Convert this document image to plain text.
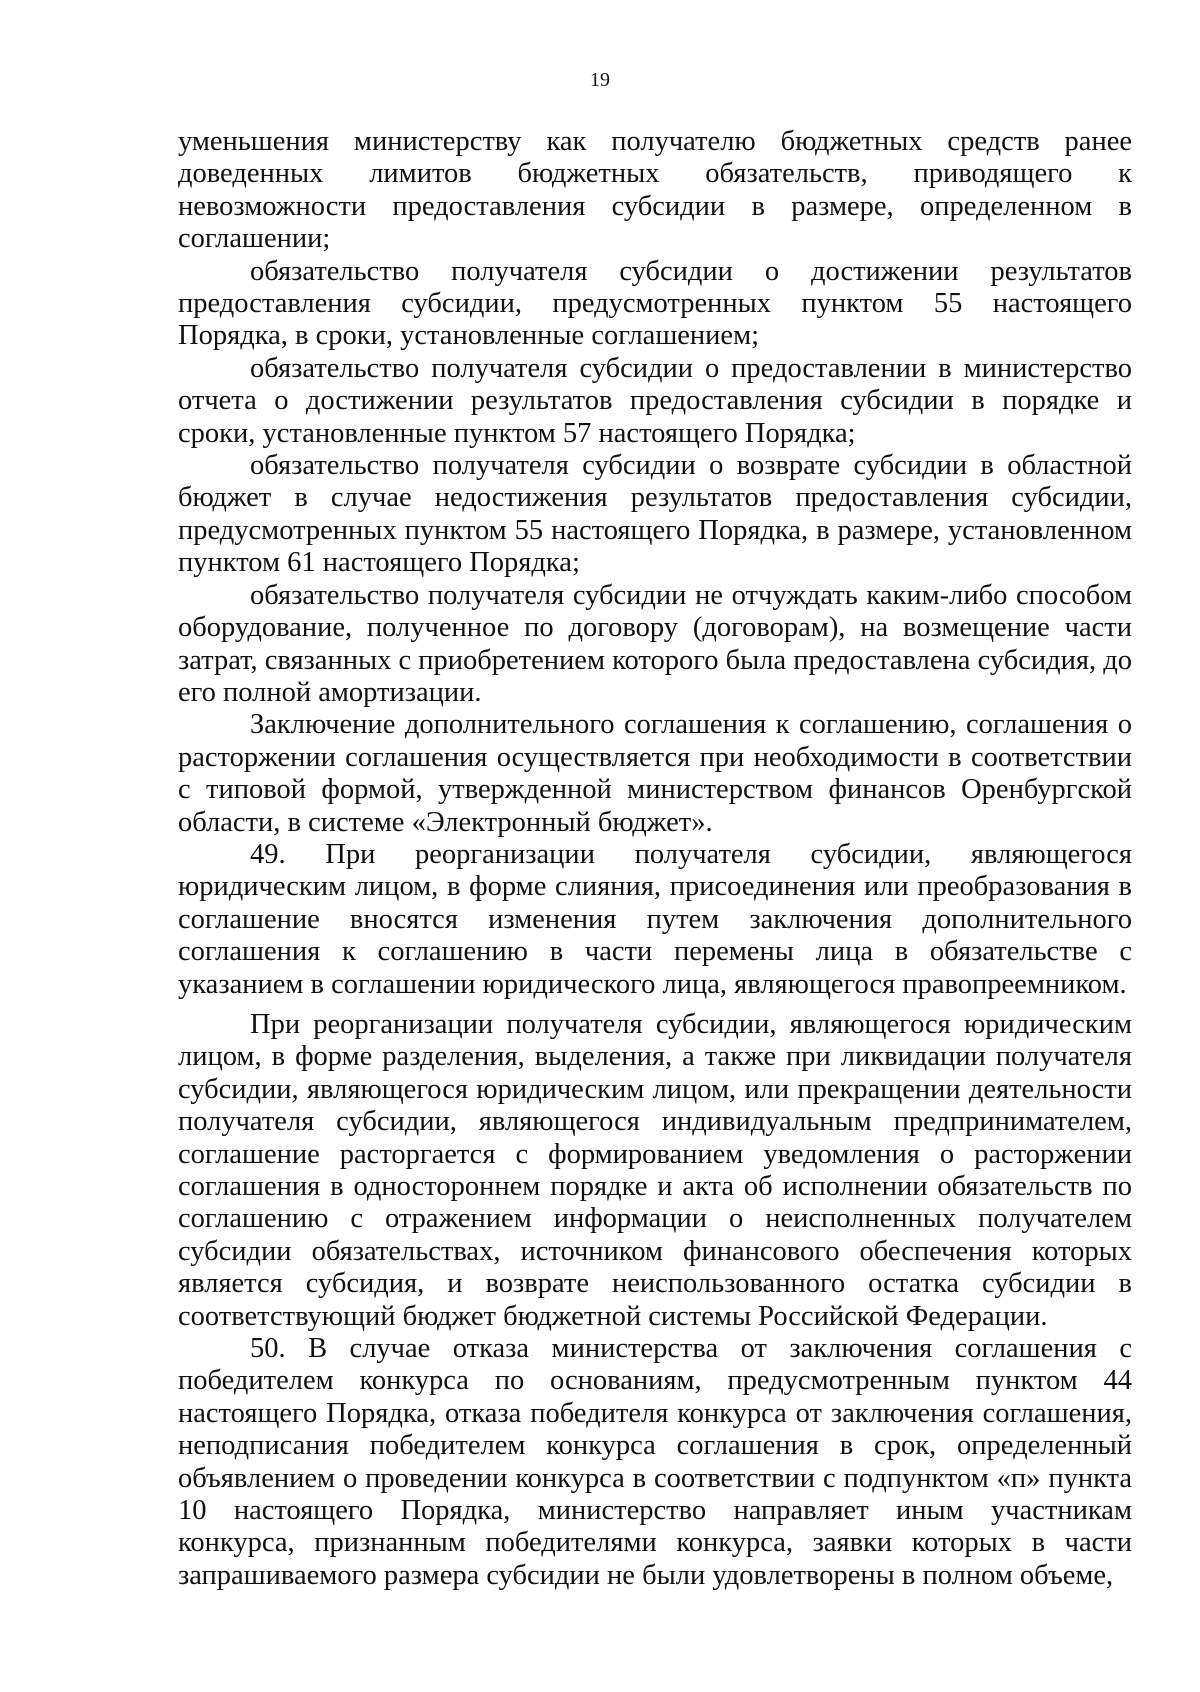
19

уменьшения министерству как получателю бюджетных средств ранее доведенных лимитов бюджетных обязательств, приводящего к невозможности предоставления субсидии в размере, определенном в соглашении;

обязательство получателя субсидии о достижении результатов предоставления субсидии, предусмотренных пунктом 55 настоящего Порядка, в сроки, установленные соглашением;

обязательство получателя субсидии о предоставлении в министерство отчета о достижении результатов предоставления субсидии в порядке и сроки, установленные пунктом 57 настоящего Порядка;

обязательство получателя субсидии о возврате субсидии в областной бюджет в случае недостижения результатов предоставления субсидии, предусмотренных пунктом 55 настоящего Порядка, в размере, установленном пунктом 61 настоящего Порядка;

обязательство получателя субсидии не отчуждать каким-либо способом оборудование, полученное по договору (договорам), на возмещение части затрат, связанных с приобретением которого была предоставлена субсидия, до его полной амортизации.

Заключение дополнительного соглашения к соглашению, соглашения о расторжении соглашения осуществляется при необходимости в соответствии с типовой формой, утвержденной министерством финансов Оренбургской области, в системе «Электронный бюджет».

49. При реорганизации получателя субсидии, являющегося юридическим лицом, в форме слияния, присоединения или преобразования в соглашение вносятся изменения путем заключения дополнительного соглашения к соглашению в части перемены лица в обязательстве с указанием в соглашении юридического лица, являющегося правопреемником.

При реорганизации получателя субсидии, являющегося юридическим лицом, в форме разделения, выделения, а также при ликвидации получателя субсидии, являющегося юридическим лицом, или прекращении деятельности получателя субсидии, являющегося индивидуальным предпринимателем, соглашение расторгается с формированием уведомления о расторжении соглашения в одностороннем порядке и акта об исполнении обязательств по соглашению с отражением информации о неисполненных получателем субсидии обязательствах, источником финансового обеспечения которых является субсидия, и возврате неиспользованного остатка субсидии в соответствующий бюджет бюджетной системы Российской Федерации.

50. В случае отказа министерства от заключения соглашения с победителем конкурса по основаниям, предусмотренным пунктом 44 настоящего Порядка, отказа победителя конкурса от заключения соглашения, неподписания победителем конкурса соглашения в срок, определенный объявлением о проведении конкурса в соответствии с подпунктом «п» пункта 10 настоящего Порядка, министерство направляет иным участникам конкурса, признанным победителями конкурса, заявки которых в части запрашиваемого размера субсидии не были удовлетворены в полном объеме,
